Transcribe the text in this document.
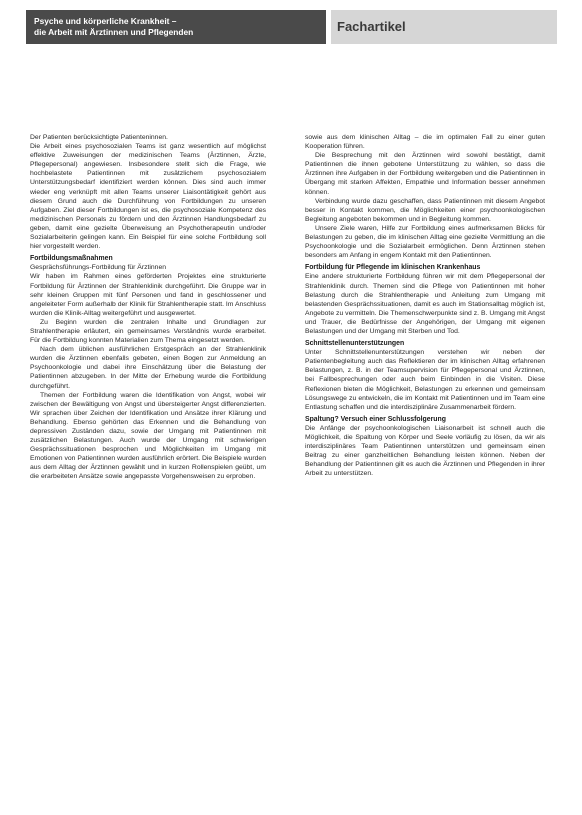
Psyche und körperliche Krankheit –
die Arbeit mit Ärztinnen und Pflegenden	Fachartikel

Der Patienten berücksichtigte Patienteninnen.

Die Arbeit eines psychosozialen Teams ist ganz wesentlich auf möglichst effektive Zuweisungen der medizinischen Teams (Ärztinnen, Ärzte, Pflegepersonal) angewiesen. Insbesondere stellt sich die Frage, wie hochbelastete Patientinnen mit zusätzlichem psychosozialem Unterstützungsbedarf identifiziert werden können. Dies sind auch immer wieder eng verknüpft mit allen Teams unserer Liaisontätigkeit gehört aus diesem Grund auch die Durchführung von Fortbildungen zu unseren Aufgaben. Ziel dieser Fortbildungen ist es, die psychosoziale Kompetenz des medizinischen Personals zu fördern und den Ärztinnen Handlungsbedarf zu geben, damit eine gezielte Überweisung an Psychotherapeutin und/oder Sozialarbeiterin gelingen kann. Ein Beispiel für eine solche Fortbildung soll hier vorgestellt werden.

Fortbildungsmaßnahmen

Gesprächsführungs-Fortbildung für Ärztinnen

Wir haben im Rahmen eines geförderten Projektes eine strukturierte Fortbildung für Ärztinnen der Strahlenklinik durchgeführt. Die Gruppe war in sehr kleinen Gruppen mit fünf Personen und fand in geschlossener und angeleiteter Form außerhalb der Klinik für Strahlentherapie statt. Im Anschluss wurden die Klinik-Alltag weitergeführt und ausgewertet.

Zu Beginn wurden die zentralen Inhalte und Grundlagen zur Strahlentherapie erläutert, ein gemeinsames Verständnis wurde erarbeitet. Für die Fortbildung konnten Materialien zum Thema eingesetzt werden.

Nach dem üblichen ausführlichen Erstgespräch an der Strahlenklinik wurden die Ärztinnen ebenfalls gebeten, einen Bogen zur Anmeldung an Psychoonkologie und dabei ihre Einschätzung über die Belastung der Patientinnen abzugeben. In der Mitte der Erhebung wurde die Fortbildung durchgeführt.

Themen der Fortbildung waren die Identifikation von Angst, wobei wir zwischen der Bewältigung von Angst und übersteigerter Angst differenzierten. Wir sprachen über Zeichen der Identifikation und Ansätze ihrer Klärung und Behandlung. Ebenso gehörten das Erkennen und die Behandlung von depressiven Zuständen dazu, sowie der Umgang mit Patientinnen mit zusätzlichen Belastungen. Auch wurde der Umgang mit schwierigen Gesprächssituationen besprochen und Möglichkeiten im Umgang mit Emotionen von Patientinnen wurden ausführlich erörtert. Die Beispiele wurden aus dem Alltag der Ärztinnen gewählt und in kurzen Rollenspielen geübt, um die erarbeiteten Ansätze sowie angepasste Vorgehensweisen zu erproben.

sowie aus dem klinischen Alltag – die im optimalen Fall zu einer guten Kooperation führen.

Die Besprechung mit den Ärztinnen wird sowohl bestätigt, damit Patientinnen die ihnen gebotene Unterstützung zu wählen, so dass die Ärztinnen ihre Aufgaben in der Fortbildung weitergeben und die Patientinnen in Übergang mit starken Affekten, Empathie und Information besser annehmen können.

Verbindung wurde dazu geschaffen, dass Patientinnen mit diesem Angebot besser in Kontakt kommen, die Möglichkeiten einer psychoonkologischen Begleitung angeboten bekommen und in Begleitung kommen.

Unsere Ziele waren, Hilfe zur Fortbildung eines aufmerksamen Blicks für Belastungen zu geben, die im klinischen Alltag eine gezielte Vermittlung an die Psychoonkologie und die Sozialarbeit ermöglichen. Denn Ärztinnen stehen besonders am Anfang in engem Kontakt mit den Patientinnen.

Fortbildung für Pflegende im klinischen Krankenhaus

Eine andere strukturierte Fortbildung führen wir mit dem Pflegepersonal der Strahlenklinik durch. Themen sind die Pflege von Patientinnen mit hoher Belastung durch die Strahlentherapie und Anleitung zum Umgang mit belastenden Gesprächssituationen, damit es auch im Stationsalltag möglich ist, Angebote zu vermitteln. Die Themenschwerpunkte sind z. B. Umgang mit Angst und Trauer, die Bedürfnisse der Angehörigen, der Umgang mit eigenen Belastungen und der Umgang mit Sterben und Tod.

Schnittstellenunterstützungen

Unter Schnittstellenunterstützungen verstehen wir neben der Patientenbegleitung auch das Reflektieren der im klinischen Alltag erfahrenen Belastungen, z. B. in der Teamsupervision für Pflegepersonal und Ärztinnen, bei Fallbesprechungen oder auch beim Einbinden in die Visiten. Diese Reflexionen bieten die Möglichkeit, Belastungen zu erkennen und gemeinsam Lösungswege zu entwickeln, die im Kontakt mit Patientinnen und im Team eine Entlastung schaffen und die interdisziplinäre Zusammenarbeit fördern.

Spaltung? Versuch einer Schlussfolgerung

Die Anfänge der psychoonkologischen Liaisonarbeit ist schnell auch die Möglichkeit, die Spaltung von Körper und Seele vorläufig zu lösen, da wir als interdisziplinäres Team Patientinnen unterstützen und gemeinsam einen Beitrag zu einer ganzheitlichen Behandlung leisten können. Neben der Behandlung der Patientinnen gilt es auch die Ärztinnen und Pflegenden in ihrer Arbeit zu unterstützen.
